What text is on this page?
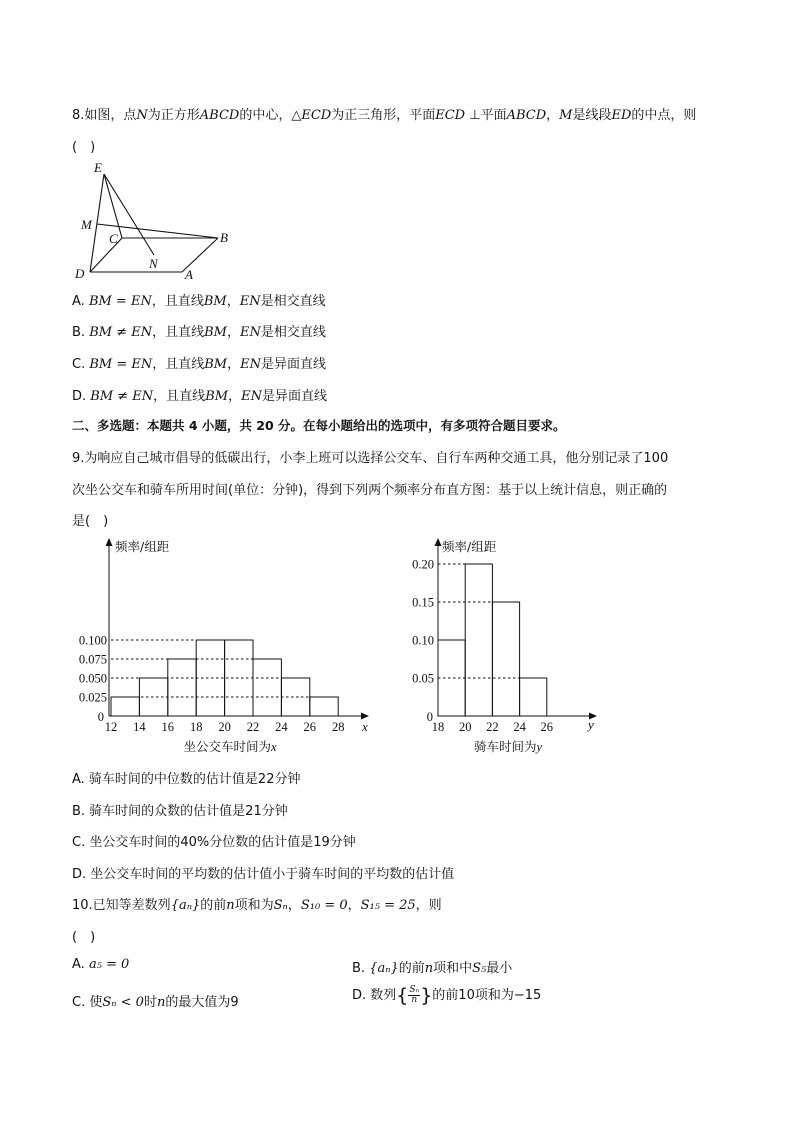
8.如图，点N为正方形ABCD的中心，△ECD为正三角形，平面ECD ⊥平面ABCD，M是线段ED的中点，则
(　)
E
M
C	B
D
N
A
A. BM = EN，且直线BM，EN是相交直线
B. BM ≠ EN，且直线BM，EN是相交直线
C. BM = EN，且直线BM，EN是异面直线
D. BM ≠ EN，且直线BM，EN是异面直线
二、多选题：本题共 4 小题，共 20 分。在每小题给出的选项中，有多项符合题目要求。
9.为响应自己城市倡导的低碳出行，小李上班可以选择公交车、自行车两种交通工具，他分别记录了100
次坐公交车和骑车所用时间(单位：分钟)，得到下列两个频率分布直方图：基于以上统计信息，则正确的
是(　)
频率/组距
0.100
0.075
0.050
0.025
0
12 14 16 18 20 22 24 26 28 x
坐公交车时间为x
频率/组距
0.20
0.15
0.10
0.05
0
18 20 22 24 26	y
骑车时间为y
A. 骑车时间的中位数的估计值是22分钟
B. 骑车时间的众数的估计值是21分钟
C. 坐公交车时间的40%分位数的估计值是19分钟
D. 坐公交车时间的平均数的估计值小于骑车时间的平均数的估计值
10.已知等差数列{aₙ}的前n项和为Sₙ，S₁₀ = 0，S₁₅ = 25，则
(　)
A. a₅ = 0	B. {aₙ}的前n项和中S₅最小
C. 使Sₙ < 0时n的最大值为9	D. 数列{ $\frac{\text{Sₙ}}{n}$ }的前10项和为−15
